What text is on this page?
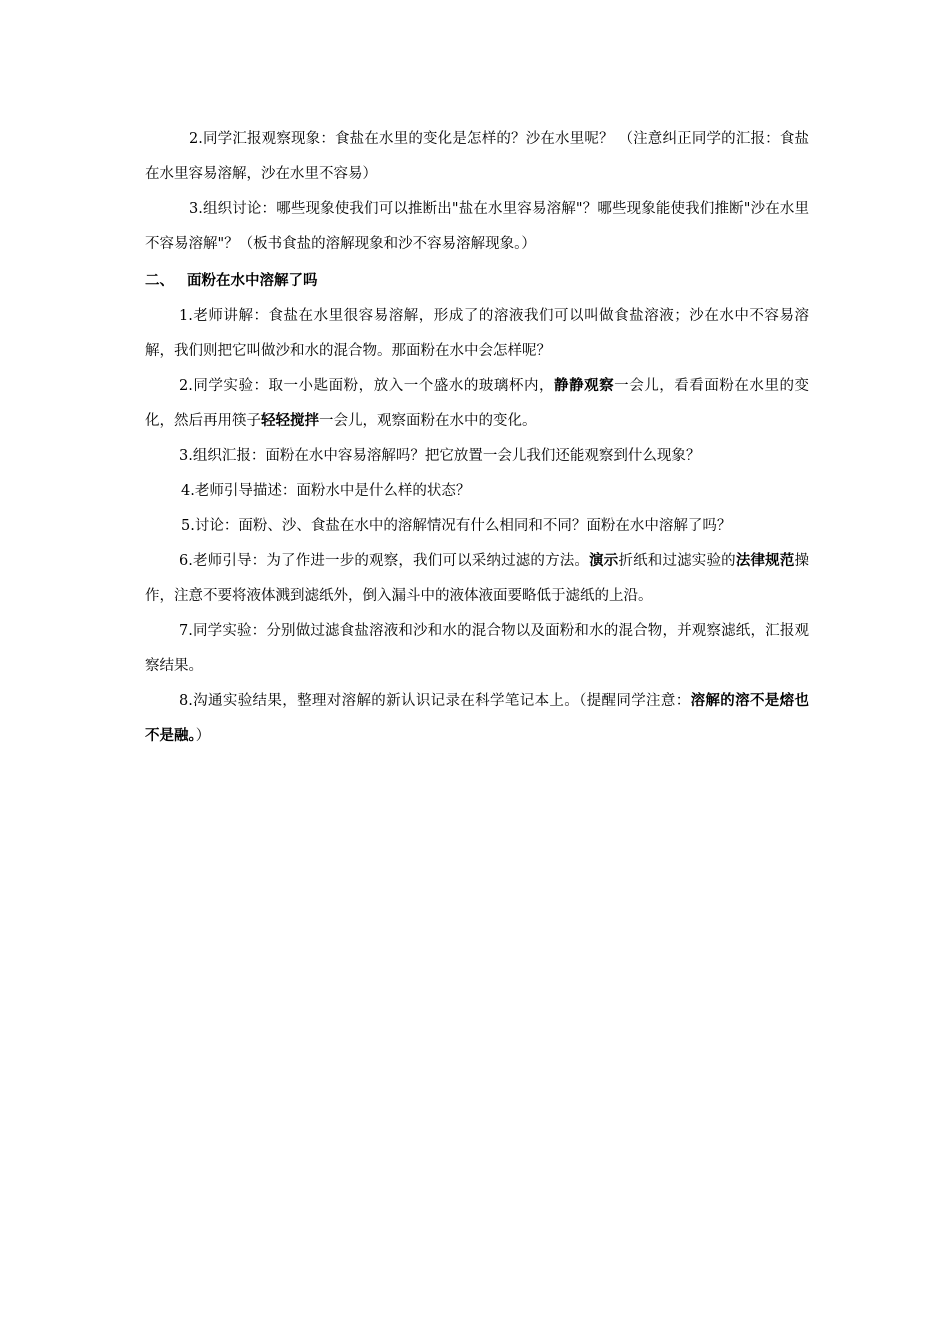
2.同学汇报观察现象：食盐在水里的变化是怎样的？沙在水里呢？ （注意纠正同学的汇报：食盐在水里容易溶解，沙在水里不容易）

3.组织讨论：哪些现象使我们可以推断出"盐在水里容易溶解"？哪些现象能使我们推断"沙在水里不容易溶解"？（板书食盐的溶解现象和沙不容易溶解现象。）

二、 面粉在水中溶解了吗

1.老师讲解：食盐在水里很容易溶解，形成了的溶液我们可以叫做食盐溶液；沙在水中不容易溶解，我们则把它叫做沙和水的混合物。那面粉在水中会怎样呢？

2.同学实验：取一小匙面粉，放入一个盛水的玻璃杯内，静静观察一会儿，看看面粉在水里的变化，然后再用筷子轻轻搅拌一会儿，观察面粉在水中的变化。

3.组织汇报：面粉在水中容易溶解吗？把它放置一会儿我们还能观察到什么现象？

4.老师引导描述：面粉水中是什么样的状态？

5.讨论：面粉、沙、食盐在水中的溶解情况有什么相同和不同？面粉在水中溶解了吗？

6.老师引导：为了作进一步的观察，我们可以采纳过滤的方法。演示折纸和过滤实验的法律规范操作，注意不要将液体溅到滤纸外，倒入漏斗中的液体液面要略低于滤纸的上沿。

7.同学实验：分别做过滤食盐溶液和沙和水的混合物以及面粉和水的混合物，并观察滤纸，汇报观察结果。

8.沟通实验结果，整理对溶解的新认识记录在科学笔记本上。（提醒同学注意：溶解的溶不是熔也不是融。）
